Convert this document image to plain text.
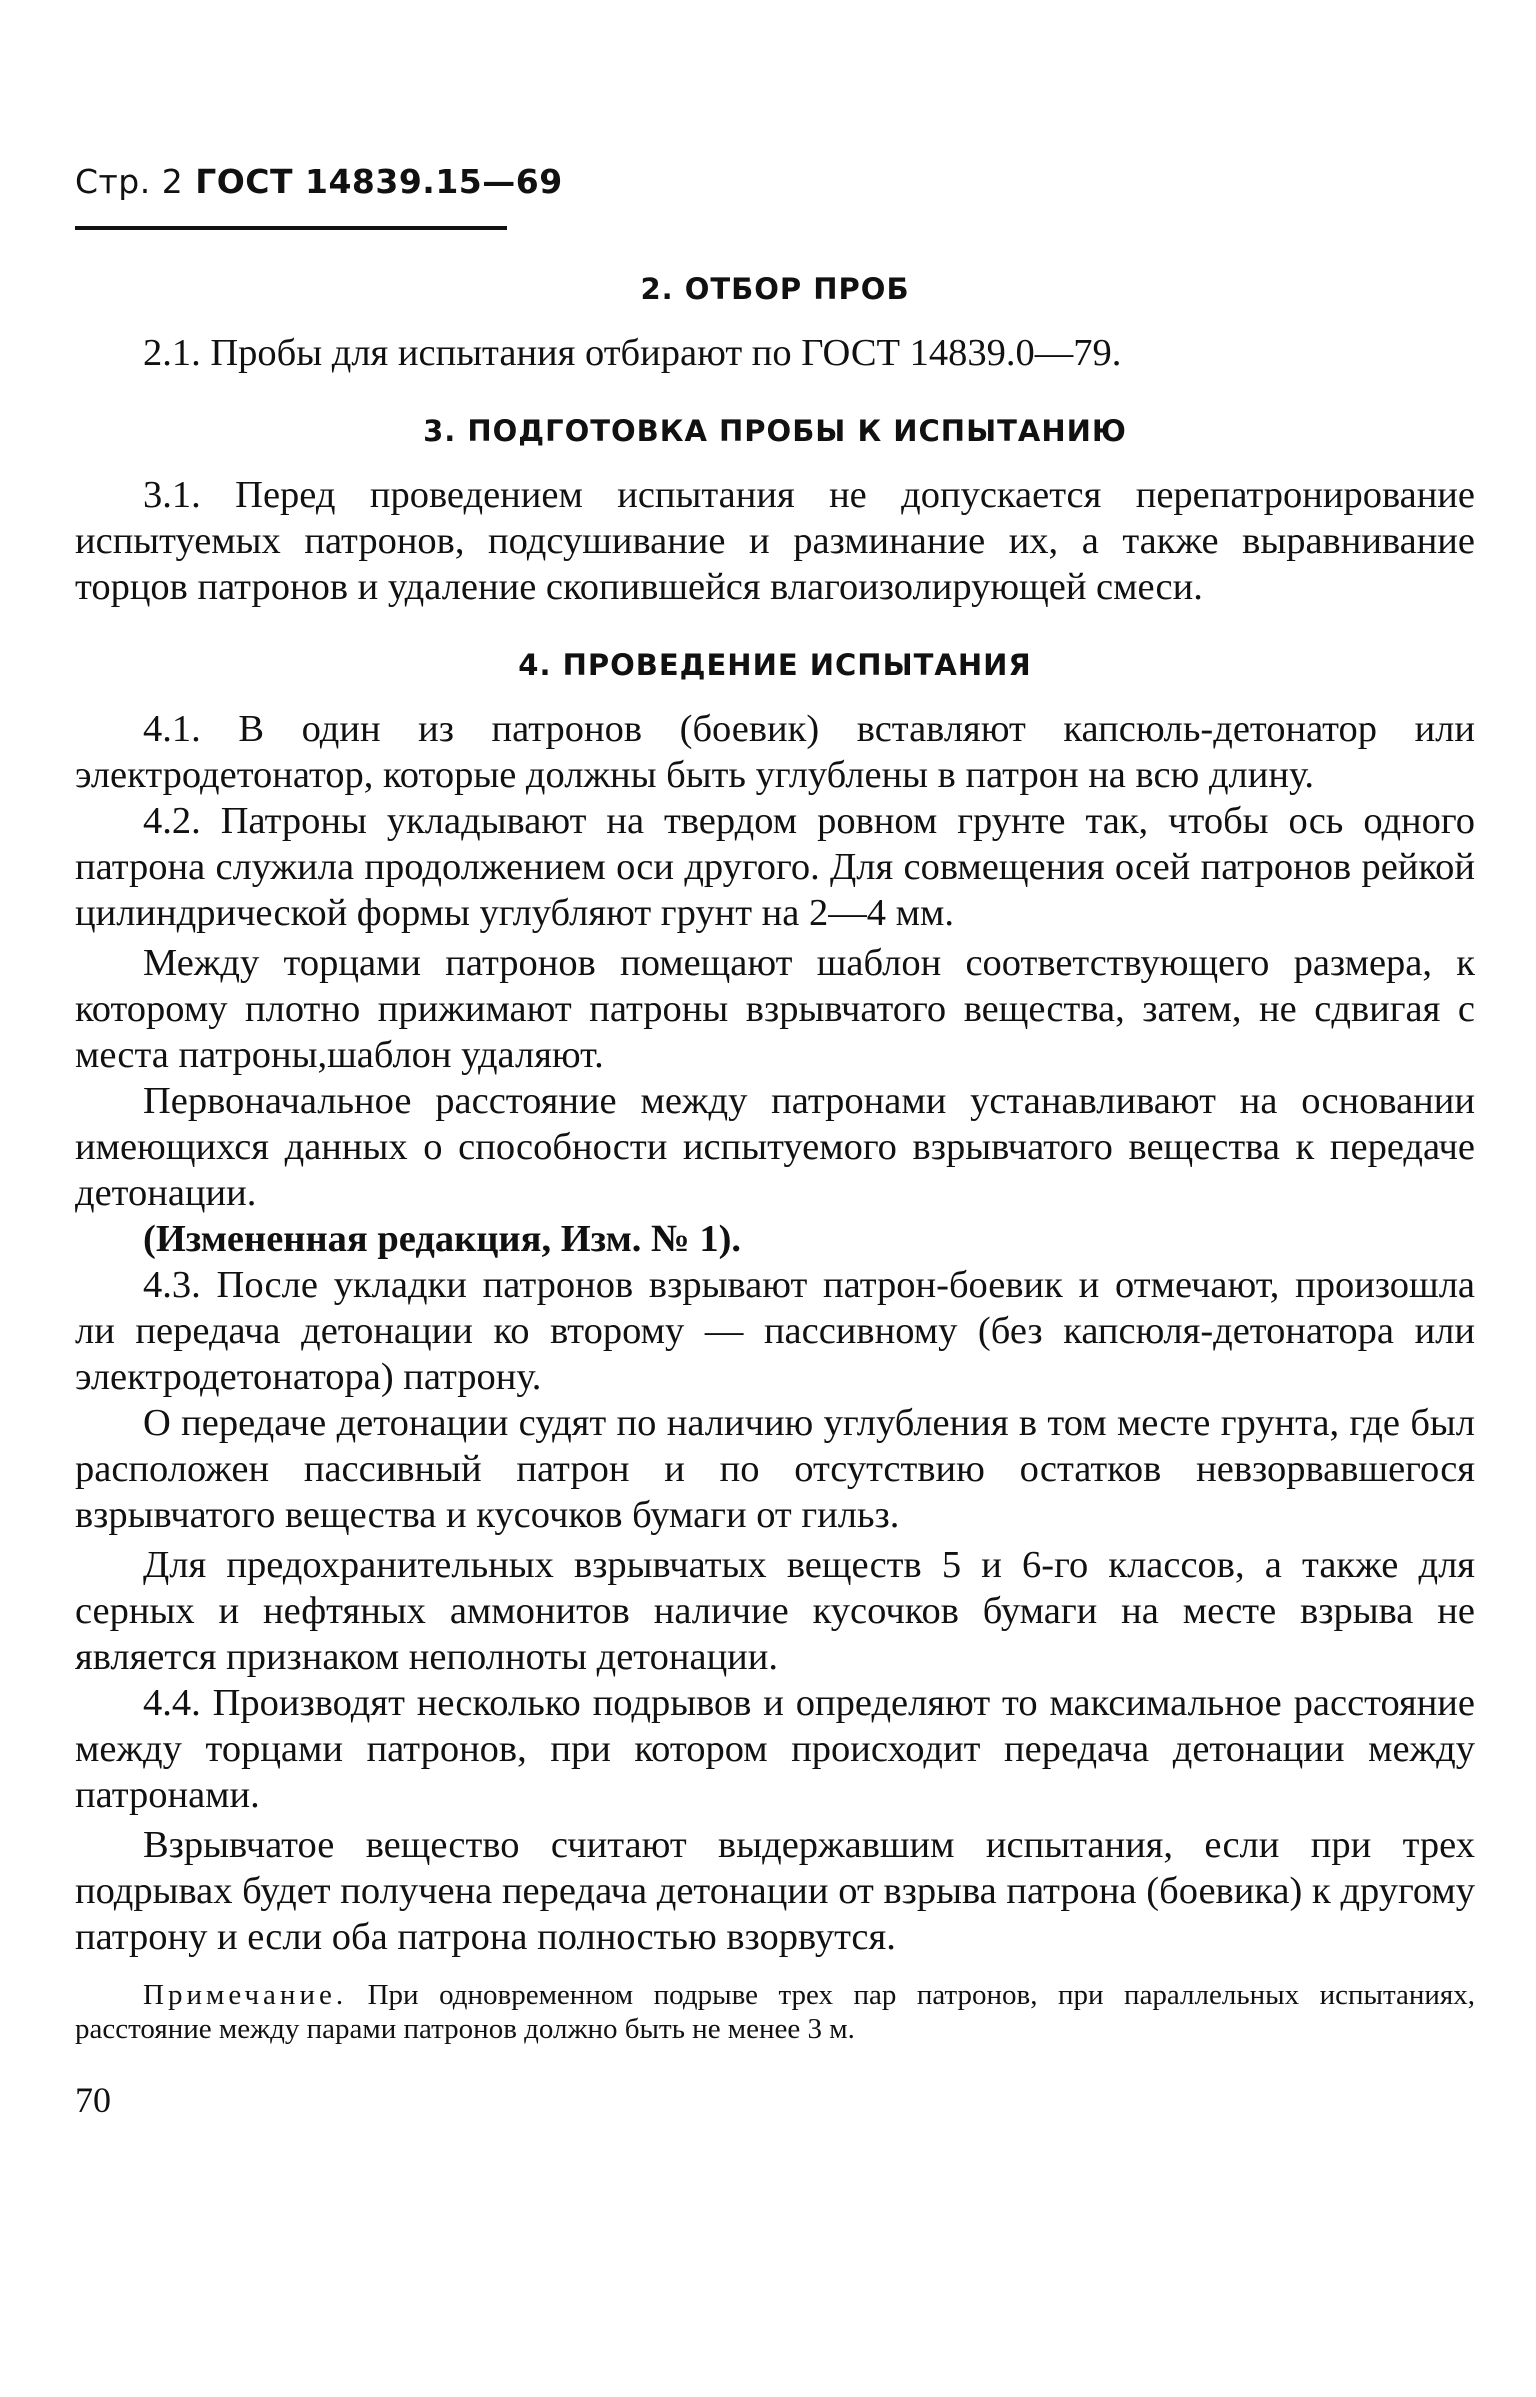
Стр. 2 ГОСТ 14839.15—69
2. ОТБОР ПРОБ

2.1. Пробы для испытания отбирают по ГОСТ 14839.0—79.

3. ПОДГОТОВКА ПРОБЫ К ИСПЫТАНИЮ

3.1. Перед проведением испытания не допускается перепатронирование испытуемых патронов, подсушивание и разминание их, а также выравнивание торцов патронов и удаление скопившейся влагоизолирующей смеси.

4. ПРОВЕДЕНИЕ ИСПЫТАНИЯ

4.1. В один из патронов (боевик) вставляют капсюль-детонатор или электродетонатор, которые должны быть углублены в патрон на всю длину.

4.2. Патроны укладывают на твердом ровном грунте так, чтобы ось одного патрона служила продолжением оси другого. Для совмещения осей патронов рейкой цилиндрической формы углубляют грунт на 2—4 мм.

Между торцами патронов помещают шаблон соответствующего размера, к которому плотно прижимают патроны взрывчатого вещества, затем, не сдвигая с места патроны,шаблон удаляют.

Первоначальное расстояние между патронами устанавливают на основании имеющихся данных о способности испытуемого взрывчатого вещества к передаче детонации.

(Измененная редакция, Изм. № 1).

4.3. После укладки патронов взрывают патрон-боевик и отмечают, произошла ли передача детонации ко второму — пассивному (без капсюля-детонатора или электродетонатора) патрону.

О передаче детонации судят по наличию углубления в том месте грунта, где был расположен пассивный патрон и по отсутствию остатков невзорвавшегося взрывчатого вещества и кусочков бумаги от гильз.

Для предохранительных взрывчатых веществ 5 и 6-го классов, а также для серных и нефтяных аммонитов наличие кусочков бумаги на месте взрыва не является признаком неполноты детонации.

4.4. Производят несколько подрывов и определяют то максимальное расстояние между торцами патронов, при котором происходит передача детонации между патронами.

Взрывчатое вещество считают выдержавшим испытания, если при трех подрывах будет получена передача детонации от взрыва патрона (боевика) к другому патрону и если оба патрона полностью взорвутся.

Примечание. При одновременном подрыве трех пар патронов, при параллельных испытаниях, расстояние между парами патронов должно быть не менее 3 м.

70
